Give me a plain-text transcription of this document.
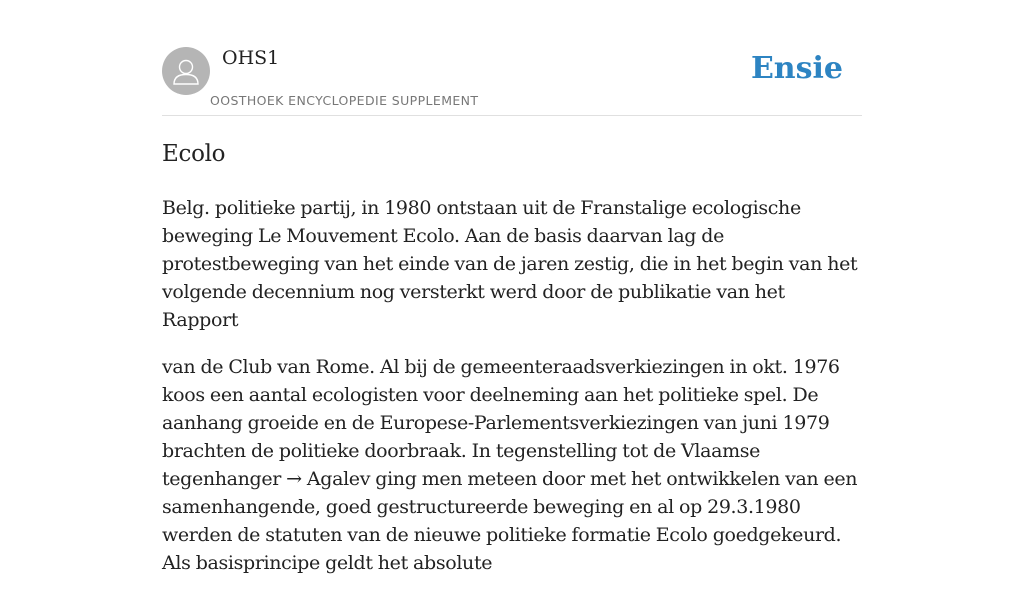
OHS1
OOSTHOEK ENCYCLOPEDIE SUPPLEMENT
Ensie
Ecolo

Belg. politieke partij, in 1980 ontstaan uit de Franstalige ecologische beweging Le Mouvement Ecolo. Aan de basis daarvan lag de protestbeweging van het einde van de jaren zestig, die in het begin van het volgende decennium nog versterkt werd door de publikatie van het Rapport

van de Club van Rome. Al bij de gemeenteraadsverkiezingen in okt. 1976 koos een aantal ecologisten voor deelneming aan het politieke spel. De aanhang groeide en de Europese-Parlementsverkiezingen van juni 1979 brachten de politieke doorbraak. In tegenstelling tot de Vlaamse tegenhanger → Agalev ging men meteen door met het ontwikkelen van een samenhangende, goed gestructureerde beweging en al op 29.3.1980 werden de statuten van de nieuwe politieke formatie Ecolo goedgekeurd. Als basisprincipe geldt het absolute
